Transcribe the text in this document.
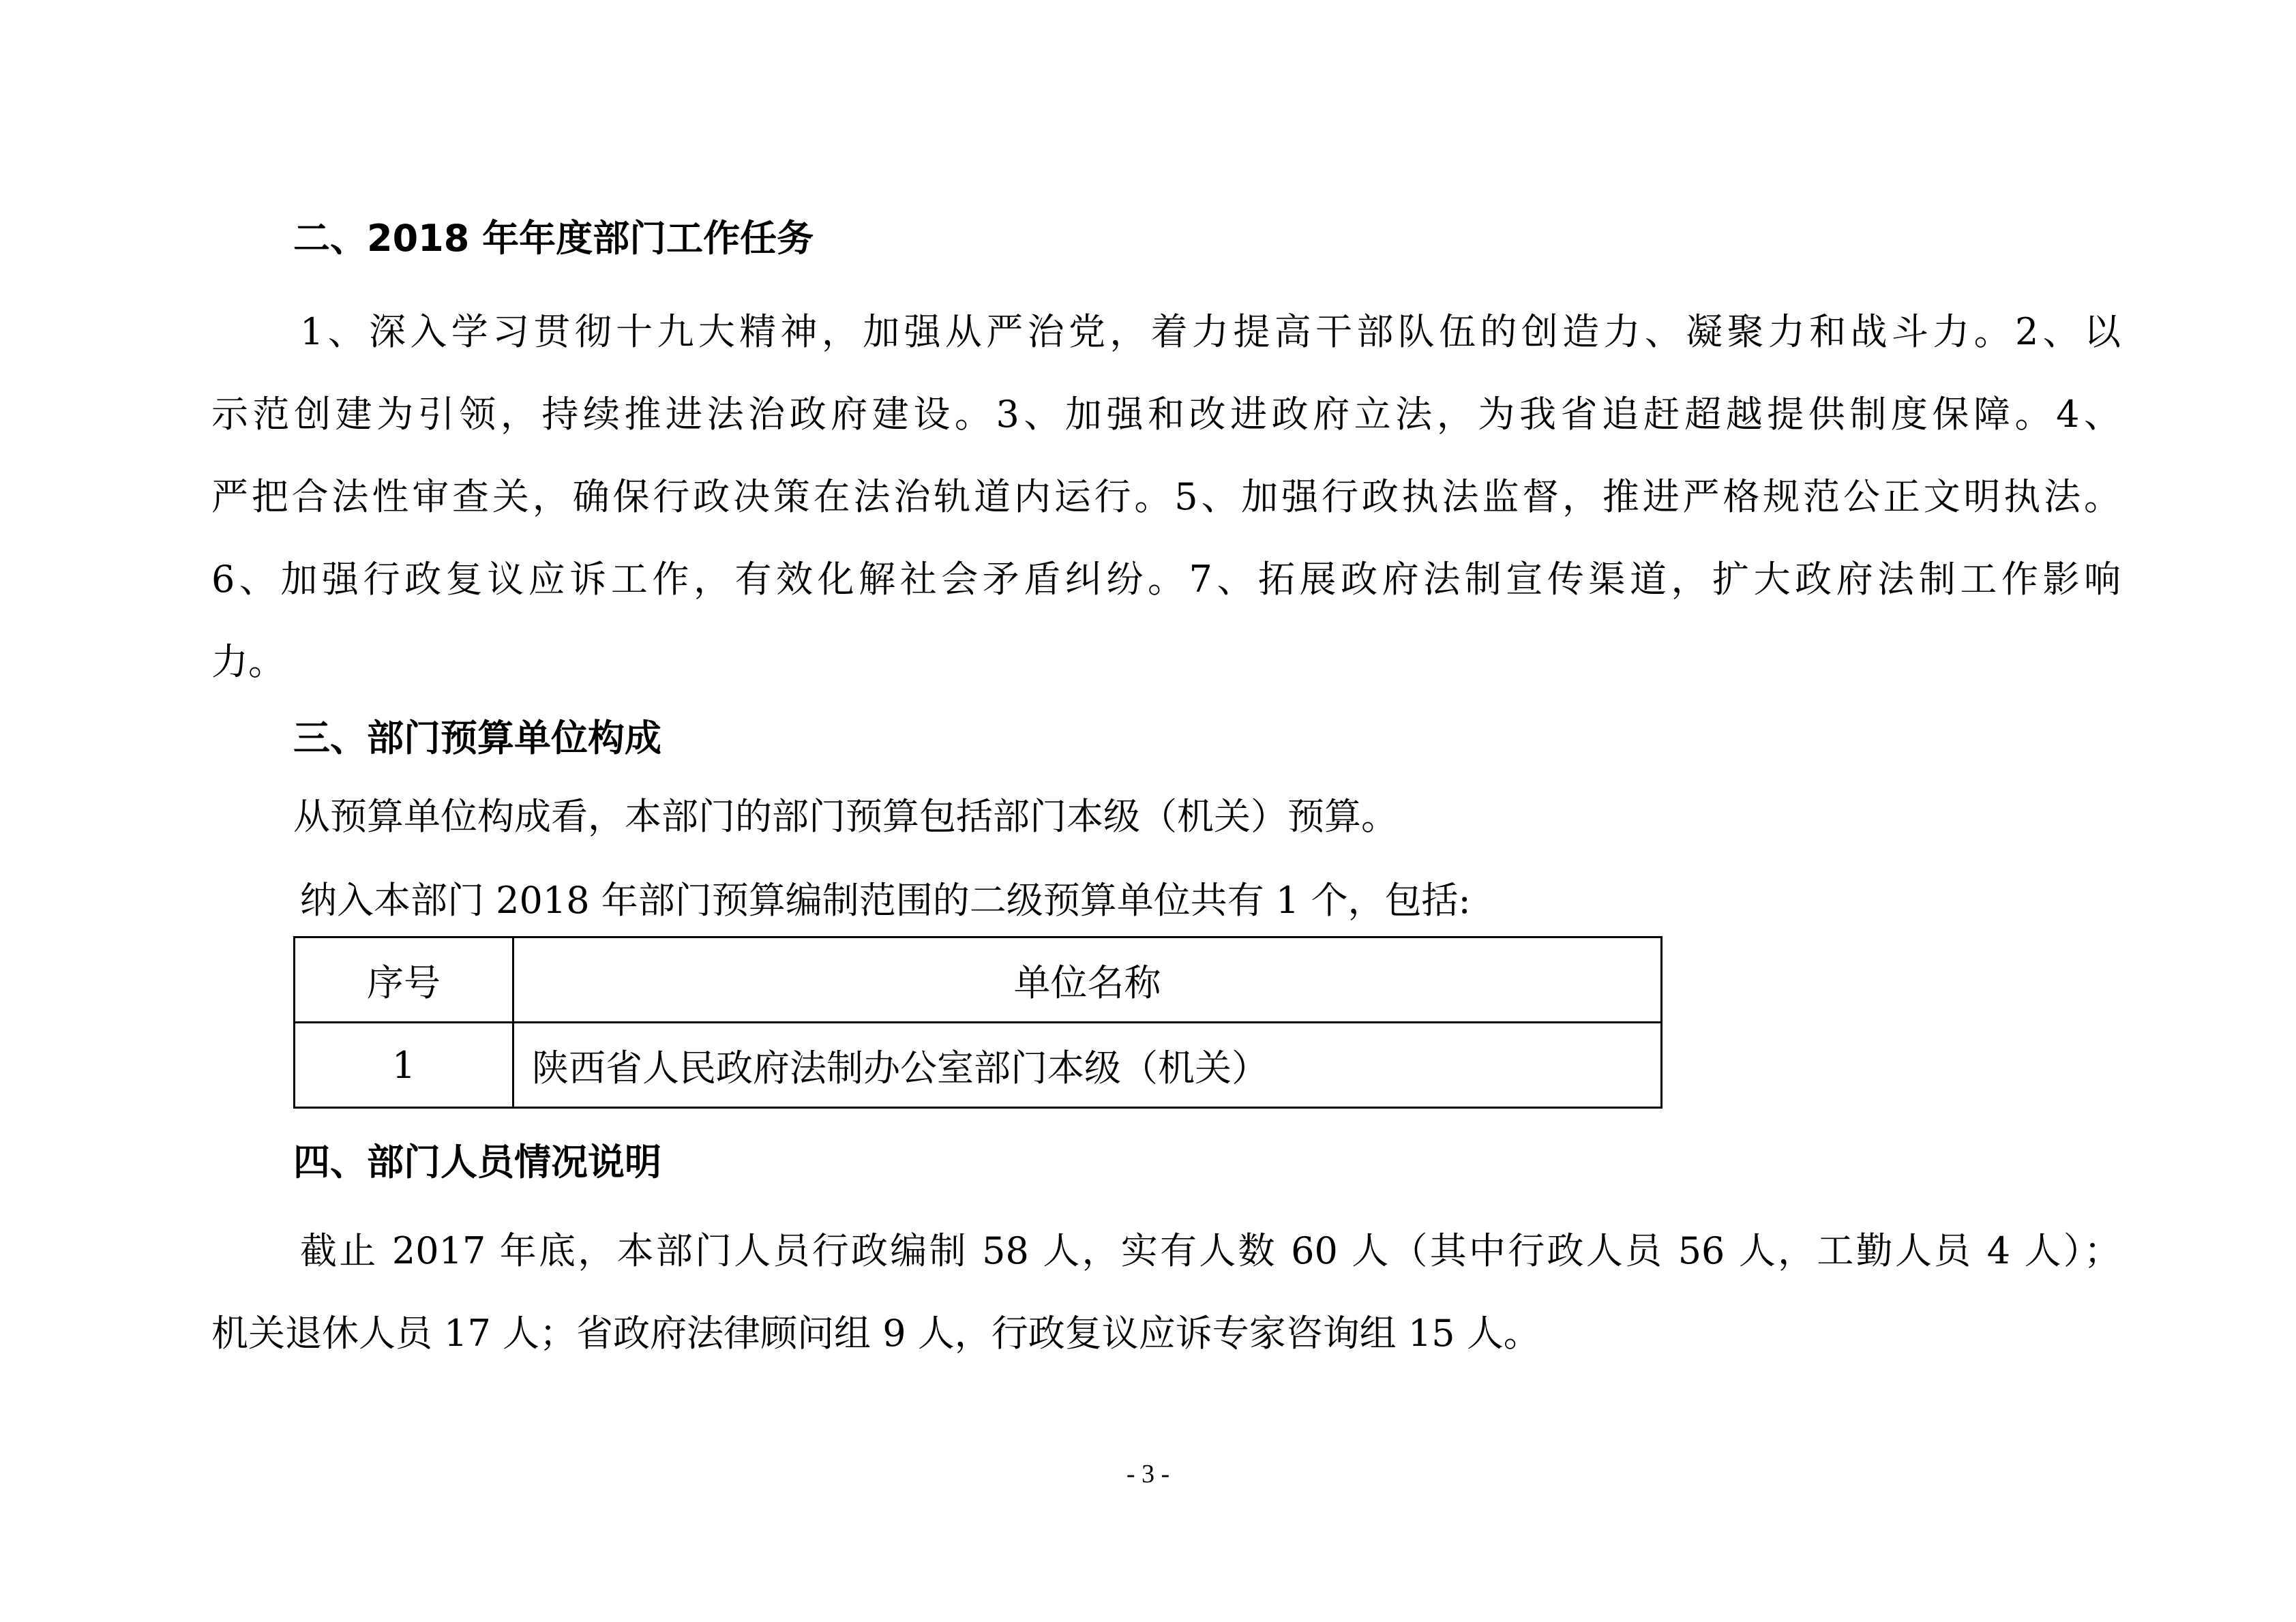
二、2018 年年度部门工作任务
1、深入学习贯彻十九大精神，加强从严治党，着力提高干部队伍的创造力、凝聚力和战斗力。2、以
示范创建为引领，持续推进法治政府建设。3、加强和改进政府立法，为我省追赶超越提供制度保障。4、
严把合法性审查关，确保行政决策在法治轨道内运行。5、加强行政执法监督，推进严格规范公正文明执法。
6、加强行政复议应诉工作，有效化解社会矛盾纠纷。7、拓展政府法制宣传渠道，扩大政府法制工作影响
力。
三、部门预算单位构成
从预算单位构成看，本部门的部门预算包括部门本级（机关）预算。
纳入本部门 2018 年部门预算编制范围的二级预算单位共有 1 个，包括:
序号	单位名称
1	陕西省人民政府法制办公室部门本级（机关）
四、部门人员情况说明
截止 2017 年底，本部门人员行政编制 58 人，实有人数 60 人（其中行政人员 56 人，工勤人员 4 人）；
机关退休人员 17 人；省政府法律顾问组 9 人，行政复议应诉专家咨询组 15 人。
- 3 -
